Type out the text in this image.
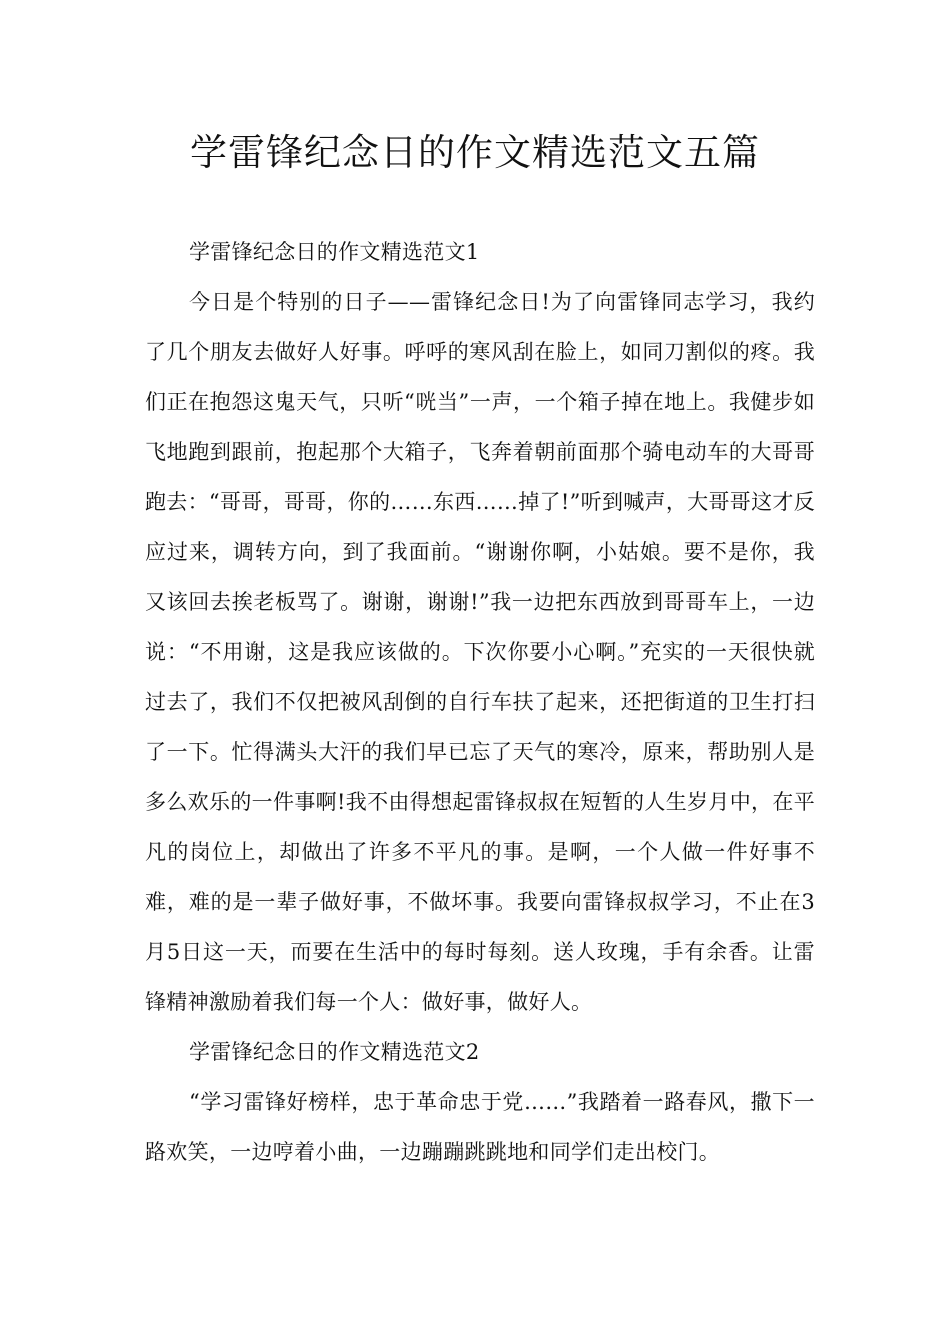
学雷锋纪念日的作文精选范文五篇

学雷锋纪念日的作文精选范文1

今日是个特别的日子——雷锋纪念日!为了向雷锋同志学习，我约了几个朋友去做好人好事。呼呼的寒风刮在脸上，如同刀割似的疼。我们正在抱怨这鬼天气，只听“咣当”一声，一个箱子掉在地上。我健步如飞地跑到跟前，抱起那个大箱子，飞奔着朝前面那个骑电动车的大哥哥跑去：“哥哥，哥哥，你的……东西……掉了!”听到喊声，大哥哥这才反应过来，调转方向，到了我面前。“谢谢你啊，小姑娘。要不是你，我又该回去挨老板骂了。谢谢，谢谢!”我一边把东西放到哥哥车上，一边说：“不用谢，这是我应该做的。下次你要小心啊。”充实的一天很快就过去了，我们不仅把被风刮倒的自行车扶了起来，还把街道的卫生打扫了一下。忙得满头大汗的我们早已忘了天气的寒冷，原来，帮助别人是多么欢乐的一件事啊!我不由得想起雷锋叔叔在短暂的人生岁月中，在平凡的岗位上，却做出了许多不平凡的事。是啊，一个人做一件好事不难，难的是一辈子做好事，不做坏事。我要向雷锋叔叔学习，不止在3月5日这一天，而要在生活中的每时每刻。送人玫瑰，手有余香。让雷锋精神激励着我们每一个人：做好事，做好人。

学雷锋纪念日的作文精选范文2

“学习雷锋好榜样，忠于革命忠于党……”我踏着一路春风，撒下一路欢笑，一边哼着小曲，一边蹦蹦跳跳地和同学们走出校门。
